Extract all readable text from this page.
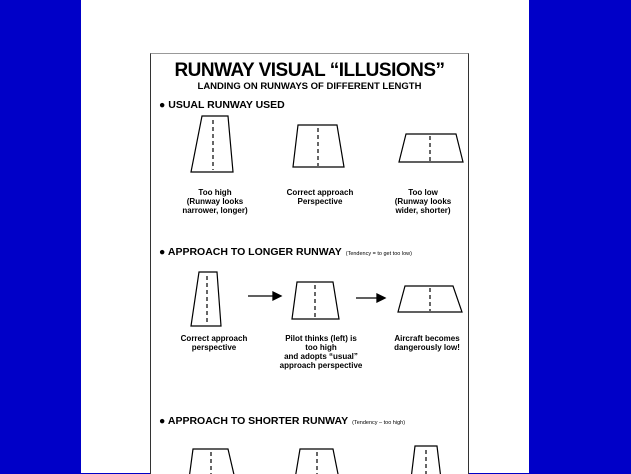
RUNWAY VISUAL “ILLUSIONS”
LANDING ON RUNWAYS OF DIFFERENT LENGTH
● USUAL RUNWAY USED
Too high
(Runway looks
narrower, longer)
Correct approach
Perspective
Too low
(Runway looks
wider, shorter)
● APPROACH TO LONGER RUNWAY (Tendency = to get too low)
Correct approach
perspective
Pilot thinks (left) is
too high
and adopts “usual”
approach perspective
Aircraft becomes
dangerously low!
● APPROACH TO SHORTER RUNWAY (Tendency – too high)
